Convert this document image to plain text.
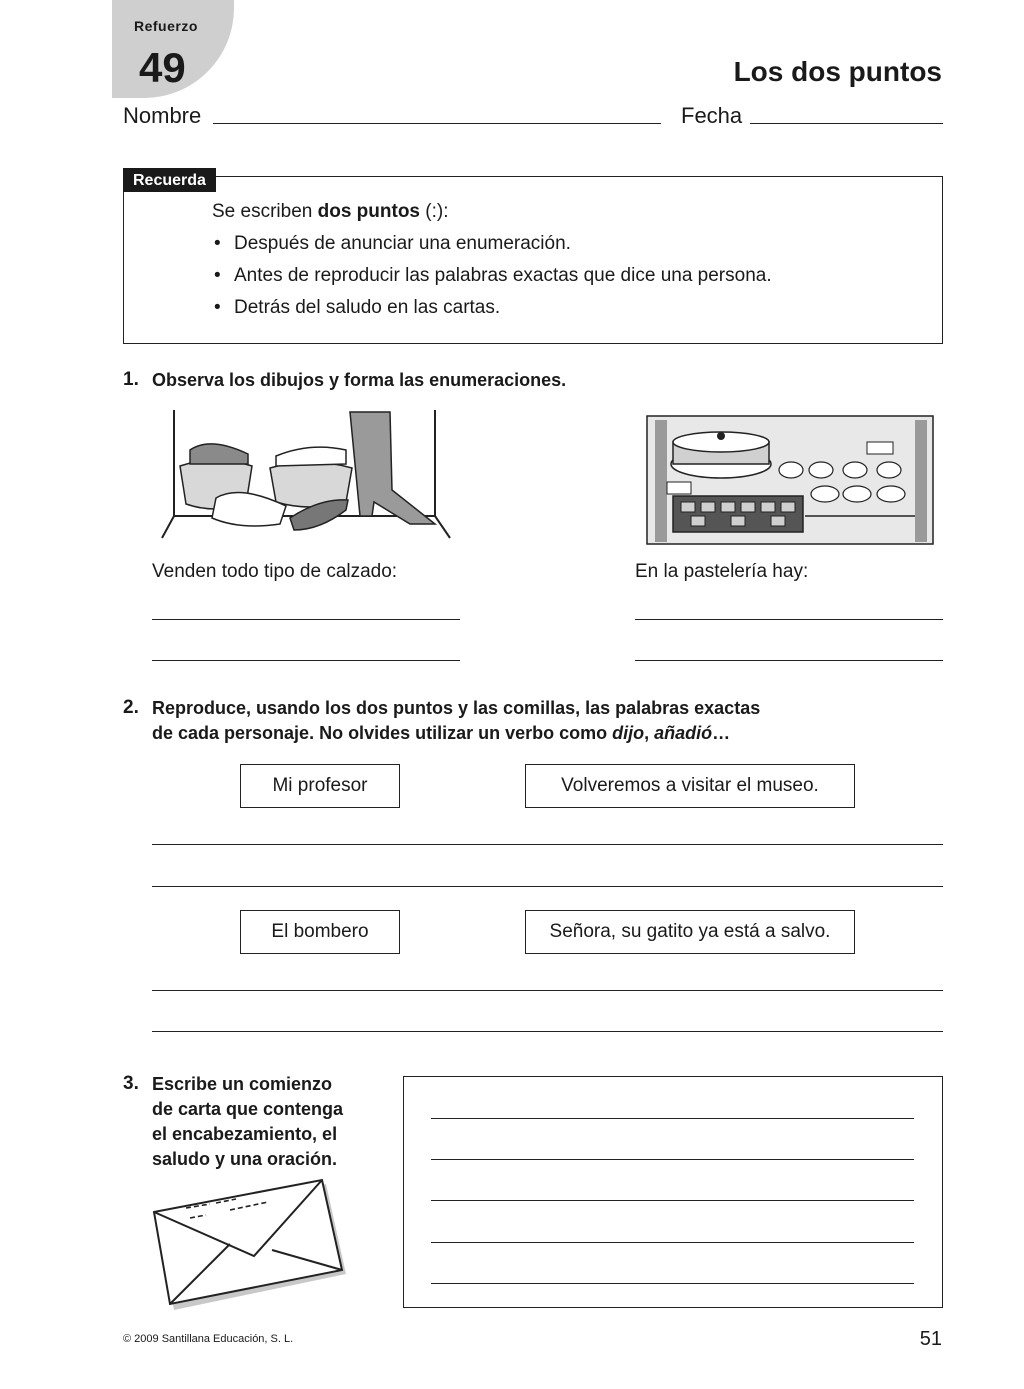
Refuerzo
49	Los dos puntos
Nombre	Fecha
Recuerda
Se escriben dos puntos (:):
• Después de anunciar una enumeración.
• Antes de reproducir las palabras exactas que dice una persona.
• Detrás del saludo en las cartas.
1. Observa los dibujos y forma las enumeraciones.
Venden todo tipo de calzado:	En la pastelería hay:
2. Reproduce, usando los dos puntos y las comillas, las palabras exactas
de cada personaje. No olvides utilizar un verbo como dijo, añadió…
Mi profesor	Volveremos a visitar el museo.
El bombero	Señora, su gatito ya está a salvo.
3. Escribe un comienzo
de carta que contenga
el encabezamiento, el
saludo y una oración.
© 2009 Santillana Educación, S. L.	51
